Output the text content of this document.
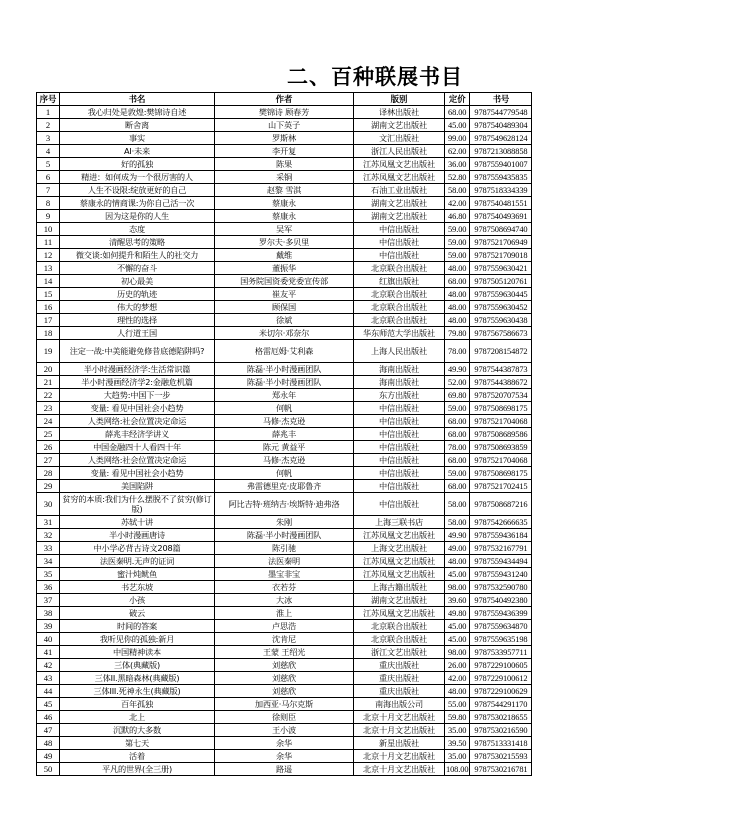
二、百种联展书目
序号	书名	作者	版别	定价	书号
1	我心归处是敦煌:樊锦诗自述	樊锦诗 顾春芳	译林出版社	68.00	9787544779548
2	断舍离	山下英子	湖南文艺出版社	45.00	9787540489304
3	事实	罗斯林	文汇出版社	99.00	9787549628124
4	AI·未来	李开复	浙江人民出版社	62.00	9787213088858
5	好的孤独	陈果	江苏凤凰文艺出版社	36.00	9787559401007
6	精进：如何成为一个很厉害的人	采铜	江苏凤凰文艺出版社	52.80	9787559435835
7	人生不设限:绽放更好的自己	赵黎 雪淇	石油工业出版社	58.00	9787518334339
8	蔡康永的情商课:为你自己活一次	蔡康永	湖南文艺出版社	42.00	9787540481551
9	因为这是你的人生	蔡康永	湖南文艺出版社	46.80	9787540493691
10	态度	吴军	中信出版社	59.00	9787508694740
11	清醒思考的策略	罗尔夫·多贝里	中信出版社	59.00	9787521706949
12	微交谈:如何提升和陌生人的社交力	戴维	中信出版社	59.00	9787521709018
13	不懈的奋斗	董振华	北京联合出版社	48.00	9787559630421
14	初心最美	国务院国资委党委宣传部	红旗出版社	68.00	9787505120761
15	历史的轨迹	崔友平	北京联合出版社	48.00	9787559630445
16	伟大的梦想	顾保国	北京联合出版社	48.00	9787559630452
17	理性的选择	徐斌	北京联合出版社	48.00	9787559630438
18	人行道王国	米切尔·邓奈尔	华东师范大学出版社	79.80	9787567586673
19	注定一战:中美能避免修昔底德陷阱吗?	格雷厄姆·艾利森	上海人民出版社	78.00	9787208154872
20	半小时漫画经济学:生活常识篇	陈磊·半小时漫画团队	海南出版社	49.90	9787544387873
21	半小时漫画经济学2:金融危机篇	陈磊·半小时漫画团队	海南出版社	52.00	9787544388672
22	大趋势:中国下一步	郑永年	东方出版社	69.80	9787520707534
23	变量: 看见中国社会小趋势	何帆	中信出版社	59.00	9787508698175
24	人类网络:社会位置决定命运	马修·杰克逊	中信出版社	68.00	9787521704068
25	薛兆丰经济学讲义	薛兆丰	中信出版社	68.00	9787508689586
26	中国金融四十人看四十年	陈元 黄益平	中信出版社	78.00	9787508693859
27	人类网络:社会位置决定命运	马修·杰克逊	中信出版社	68.00	9787521704068
28	变量: 看见中国社会小趋势	何帆	中信出版社	59.00	9787508698175
29	美国陷阱	弗雷德里克·皮耶鲁齐	中信出版社	68.00	9787521702415
30	贫穷的本质:我们为什么摆脱不了贫穷(修订版)	阿比吉特·班纳吉·埃斯特·迪弗洛	中信出版社	58.00	9787508687216
31	苏轼十讲	朱刚	上海三联书店	58.00	9787542666635
32	半小时漫画唐诗	陈磊·半小时漫画团队	江苏凤凰文艺出版社	49.90	9787559436184
33	中小学必背古诗文208篇	陈引驰	上海文艺出版社	49.00	9787532167791
34	法医秦明.无声的证词	法医秦明	江苏凤凰文艺出版社	48.00	9787559434494
35	蜜汁炖鱿鱼	墨宝非宝	江苏凤凰文艺出版社	45.00	9787559431240
36	书艺东坡	衣若芬	上海古籍出版社	98.00	9787532590780
37	小孩	大冰	湖南文艺出版社	39.60	9787540492380
38	破云	淮上	江苏凤凰文艺出版社	49.80	9787559436399
39	时间的答案	卢思浩	北京联合出版社	45.00	9787559634870
40	我听见你的孤独:新月	沈肯尼	北京联合出版社	45.00	9787559635198
41	中国精神读本	王蒙 王绍光	浙江文艺出版社	98.00	9787533957711
42	三体(典藏版)	刘慈欣	重庆出版社	26.00	9787229100605
43	三体II.黑暗森林(典藏版)	刘慈欣	重庆出版社	42.00	9787229100612
44	三体III.死神永生(典藏版)	刘慈欣	重庆出版社	48.00	9787229100629
45	百年孤独	加西亚·马尔克斯	南海出版公司	55.00	9787544291170
46	北上	徐则臣	北京十月文艺出版社	59.80	9787530218655
47	沉默的大多数	王小波	北京十月文艺出版社	35.00	9787530216590
48	第七天	余华	新星出版社	39.50	9787513331418
49	活着	余华	北京十月文艺出版社	35.00	9787530215593
50	平凡的世界(全三册)	路遥	北京十月文艺出版社	108.00	9787530216781
